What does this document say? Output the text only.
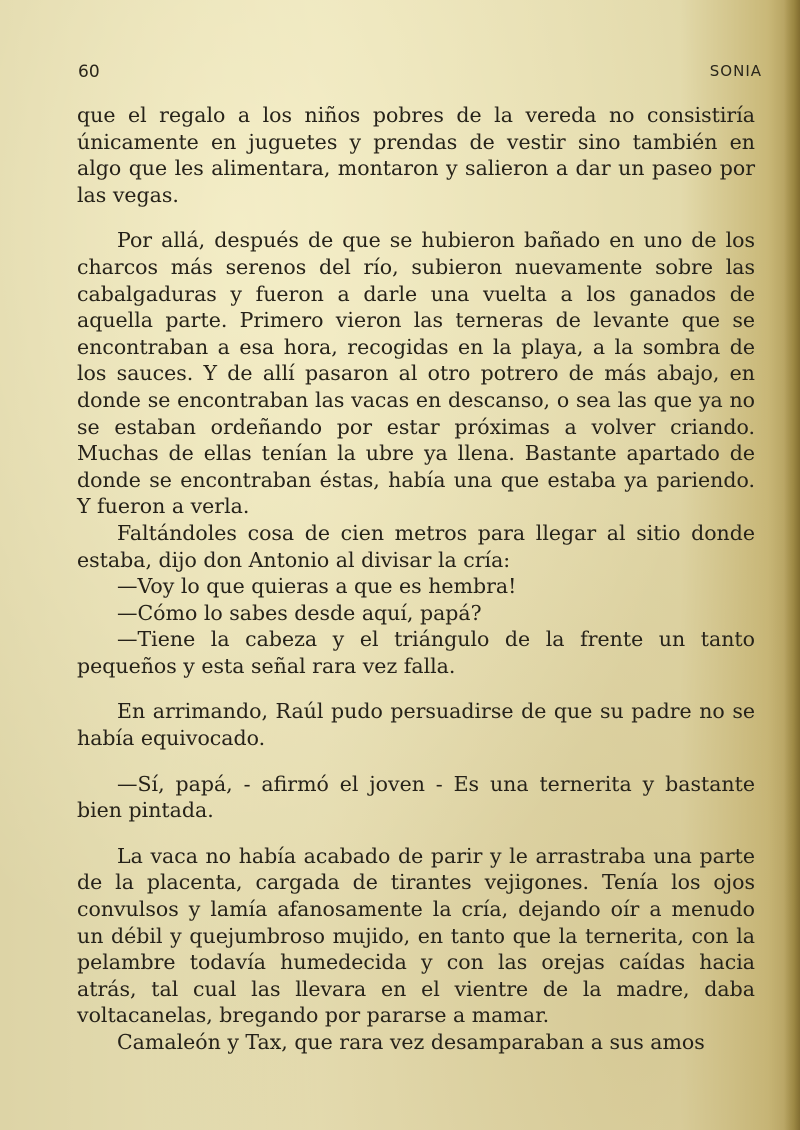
60	SONIA

que el regalo a los niños pobres de la vereda no consistiría únicamente en juguetes y prendas de vestir sino también en algo que les alimentara, montaron y salieron a dar un paseo por las vegas.

Por allá, después de que se hubieron bañado en uno de los charcos más serenos del río, subieron nuevamente sobre las cabalgaduras y fueron a darle una vuelta a los ganados de aquella parte. Primero vieron las terneras de levante que se encontraban a esa hora, recogidas en la playa, a la sombra de los sauces. Y de allí pasaron al otro potrero de más abajo, en donde se encontraban las vacas en descanso, o sea las que ya no se estaban ordeñando por estar próximas a volver criando. Muchas de ellas tenían la ubre ya llena. Bastante apartado de donde se encontraban éstas, había una que estaba ya pariendo. Y fueron a verla.

Faltándoles cosa de cien metros para llegar al sitio donde estaba, dijo don Antonio al divisar la cría:

—Voy lo que quieras a que es hembra!

—Cómo lo sabes desde aquí, papá?

—Tiene la cabeza y el triángulo de la frente un tanto pequeños y esta señal rara vez falla.

En arrimando, Raúl pudo persuadirse de que su padre no se había equivocado.

—Sí, papá, - afirmó el joven - Es una ternerita y bastante bien pintada.

La vaca no había acabado de parir y le arrastraba una parte de la placenta, cargada de tirantes vejigones. Tenía los ojos convulsos y lamía afanosamente la cría, dejando oír a menudo un débil y quejumbroso mujido, en tanto que la ternerita, con la pelambre todavía humedecida y con las orejas caídas hacia atrás, tal cual las llevara en el vientre de la madre, daba voltacanelas, bregando por pararse a mamar.

Camaleón y Tax, que rara vez desamparaban a sus amos
